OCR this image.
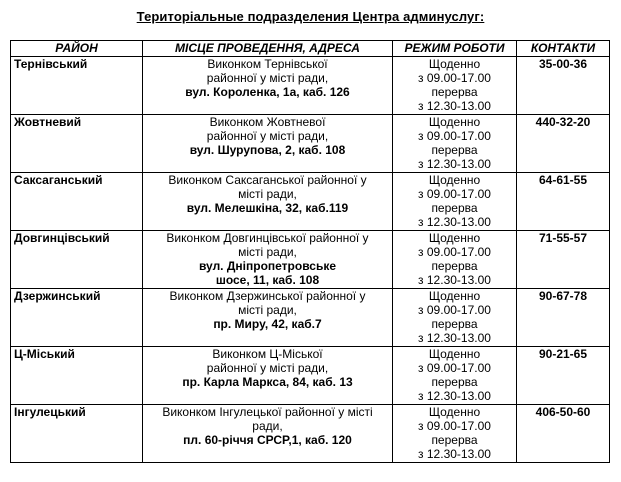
Територіальные подразделения Центра админуслуг:
РАЙОН	МІСЦЕ ПРОВЕДЕННЯ, АДРЕСА	РЕЖИМ РОБОТИ	КОНТАКТИ
Тернівський	Виконком Тернівської
районної у місті ради,
вул. Короленка, 1а, каб. 126	Щоденно
з 09.00-17.00
перерва
з 12.30-13.00	35-00-36
Жовтневий	Виконком Жовтневої
районної у місті ради,
вул. Шурупова, 2, каб. 108	Щоденно
з 09.00-17.00
перерва
з 12.30-13.00	440-32-20
Саксаганський	Виконком Саксаганської районної у
місті ради,
вул. Мелешкіна, 32, каб.119	Щоденно
з 09.00-17.00
перерва
з 12.30-13.00	64-61-55
Довгинцівський	Виконком Довгинцівської районної у
місті ради,
вул. Дніпропетровське
шосе, 11, каб. 108	Щоденно
з 09.00-17.00
перерва
з 12.30-13.00	71-55-57
Дзержинський	Виконком Дзержинської районної у
місті ради,
пр. Миру, 42, каб.7	Щоденно
з 09.00-17.00
перерва
з 12.30-13.00	90-67-78
Ц-Міський	Виконком Ц-Міської
районної у місті ради,
пр. Карла Маркса, 84, каб. 13	Щоденно
з 09.00-17.00
перерва
з 12.30-13.00	90-21-65
Інгулецький	Виконком Інгулецької районної у місті
ради,
пл. 60-річчя СРСР,1, каб. 120	Щоденно
з 09.00-17.00
перерва
з 12.30-13.00	406-50-60
